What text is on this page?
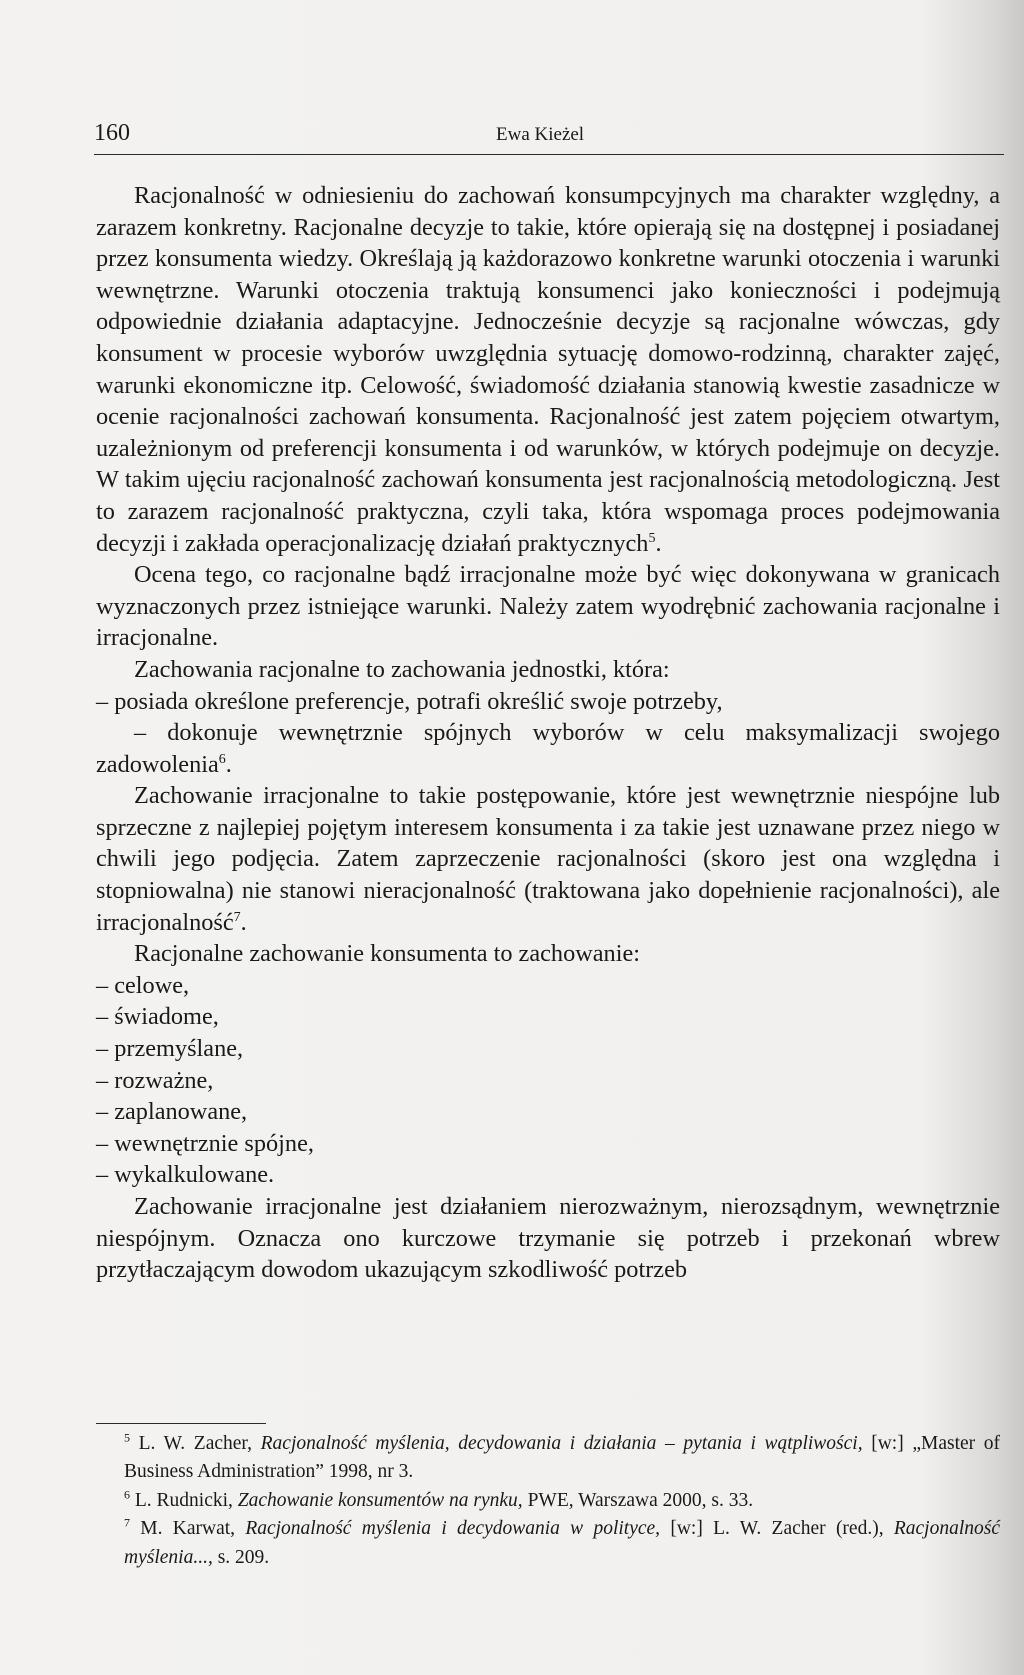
160	Ewa Kieżel

Racjonalność w odniesieniu do zachowań konsumpcyjnych ma charakter względny, a zarazem konkretny. Racjonalne decyzje to takie, które opierają się na dostępnej i posiadanej przez konsumenta wiedzy. Określają ją każdorazowo konkretne warunki otoczenia i warunki wewnętrzne. Warunki otoczenia traktują konsumenci jako konieczności i podejmują odpowiednie działania adaptacyjne. Jednocześnie decyzje są racjonalne wówczas, gdy konsument w procesie wyborów uwzględnia sytuację domowo-rodzinną, charakter zajęć, warunki ekonomiczne itp. Celowość, świadomość działania stanowią kwestie zasadnicze w ocenie racjonalności zachowań konsumenta. Racjonalność jest zatem pojęciem otwartym, uzależnionym od preferencji konsumenta i od warunków, w których podejmuje on decyzje. W takim ujęciu racjonalność zachowań konsumenta jest racjonalnością metodologiczną. Jest to zarazem racjonalność praktyczna, czyli taka, która wspomaga proces podejmowania decyzji i zakłada operacjonalizację działań praktycznych$^5$.

Ocena tego, co racjonalne bądź irracjonalne może być więc dokonywana w granicach wyznaczonych przez istniejące warunki. Należy zatem wyodrębnić zachowania racjonalne i irracjonalne.

Zachowania racjonalne to zachowania jednostki, która:

– posiada określone preferencje, potrafi określić swoje potrzeby,

– dokonuje wewnętrznie spójnych wyborów w celu maksymalizacji swojego zadowolenia$^6$.

Zachowanie irracjonalne to takie postępowanie, które jest wewnętrznie niespójne lub sprzeczne z najlepiej pojętym interesem konsumenta i za takie jest uznawane przez niego w chwili jego podjęcia. Zatem zaprzeczenie racjonalności (skoro jest ona względna i stopniowalna) nie stanowi nieracjonalność (traktowana jako dopełnienie racjonalności), ale irracjonalność$^7$.

Racjonalne zachowanie konsumenta to zachowanie:

– celowe,

– świadome,

– przemyślane,

– rozważne,

– zaplanowane,

– wewnętrznie spójne,

– wykalkulowane.

Zachowanie irracjonalne jest działaniem nierozważnym, nierozsądnym, wewnętrznie niespójnym. Oznacza ono kurczowe trzymanie się potrzeb i przekonań wbrew przytłaczającym dowodom ukazującym szkodliwość potrzeb

$^5$ L. W. Zacher, Racjonalność myślenia, decydowania i działania – pytania i wątpliwości, [w:] „Master of Business Administration” 1998, nr 3.

$^6$ L. Rudnicki, Zachowanie konsumentów na rynku, PWE, Warszawa 2000, s. 33.

$^7$ M. Karwat, Racjonalność myślenia i decydowania w polityce, [w:] L. W. Zacher (red.), Racjonalność myślenia..., s. 209.
